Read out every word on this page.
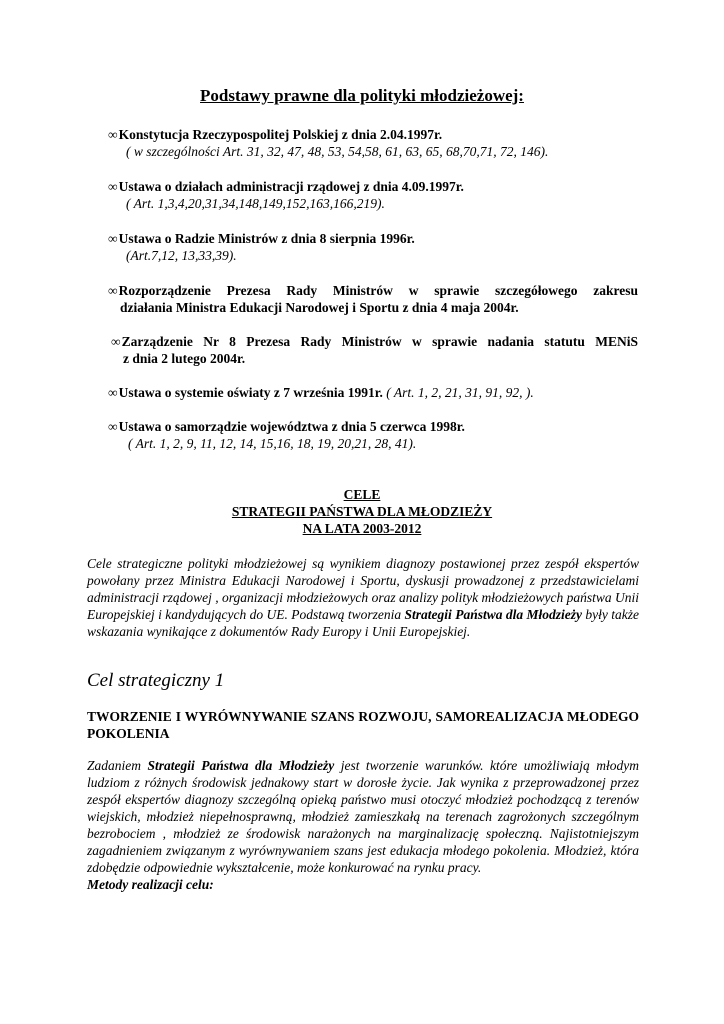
Podstawy prawne dla polityki młodzieżowej:
∞Konstytucja Rzeczypospolitej Polskiej z dnia 2.04.1997r.
( w szczególności Art. 31, 32, 47, 48, 53, 54,58, 61, 63, 65, 68,70,71, 72, 146).
∞Ustawa o działach administracji rządowej z dnia 4.09.1997r.
( Art. 1,3,4,20,31,34,148,149,152,163,166,219).
∞Ustawa o Radzie Ministrów z dnia 8 sierpnia 1996r.
(Art.7,12, 13,33,39).
∞ Rozporządzenie Prezesa Rady Ministrów w sprawie szczegółowego zakresu
działania Ministra Edukacji Narodowej i Sportu z dnia 4 maja 2004r.
∞ Zarządzenie Nr 8 Prezesa Rady Ministrów w sprawie nadania statutu MENiS
z dnia 2 lutego 2004r.
∞Ustawa o systemie oświaty z 7 września 1991r. ( Art. 1, 2, 21, 31, 91, 92, ).
∞Ustawa o samorządzie województwa z dnia 5 czerwca 1998r.
( Art. 1, 2, 9, 11, 12, 14, 15,16, 18, 19, 20,21, 28, 41).
CELE
STRATEGII PAŃSTWA DLA MŁODZIEŻY
NA LATA 2003-2012
Cele strategiczne polityki młodzieżowej są wynikiem diagnozy postawionej przez zespół ekspertów powołany przez Ministra Edukacji Narodowej i Sportu, dyskusji prowadzonej z przedstawicielami administracji rządowej , organizacji młodzieżowych oraz analizy polityk młodzieżowych państwa Unii Europejskiej i kandydujących do UE. Podstawą tworzenia Strategii Państwa dla Młodzieży były także wskazania wynikające z dokumentów Rady Europy i Unii Europejskiej.
Cel strategiczny 1
TWORZENIE I WYRÓWNYWANIE SZANS ROZWOJU, SAMOREALIZACJA MŁODEGO POKOLENIA
Zadaniem Strategii Państwa dla Młodzieży jest tworzenie warunków. które umożliwiają młodym ludziom z różnych środowisk jednakowy start w dorosłe życie. Jak wynika z przeprowadzonej przez zespół ekspertów diagnozy szczególną opieką państwo musi otoczyć młodzież pochodzącą z terenów wiejskich, młodzież niepełnosprawną, młodzież zamieszkałą na terenach zagrożonych szczególnym bezrobociem , młodzież ze środowisk narażonych na marginalizację społeczną. Najistotniejszym zagadnieniem związanym z wyrównywaniem szans jest edukacja młodego pokolenia. Młodzież, która zdobędzie odpowiednie wykształcenie, może konkurować na rynku pracy.
Metody realizacji celu:
